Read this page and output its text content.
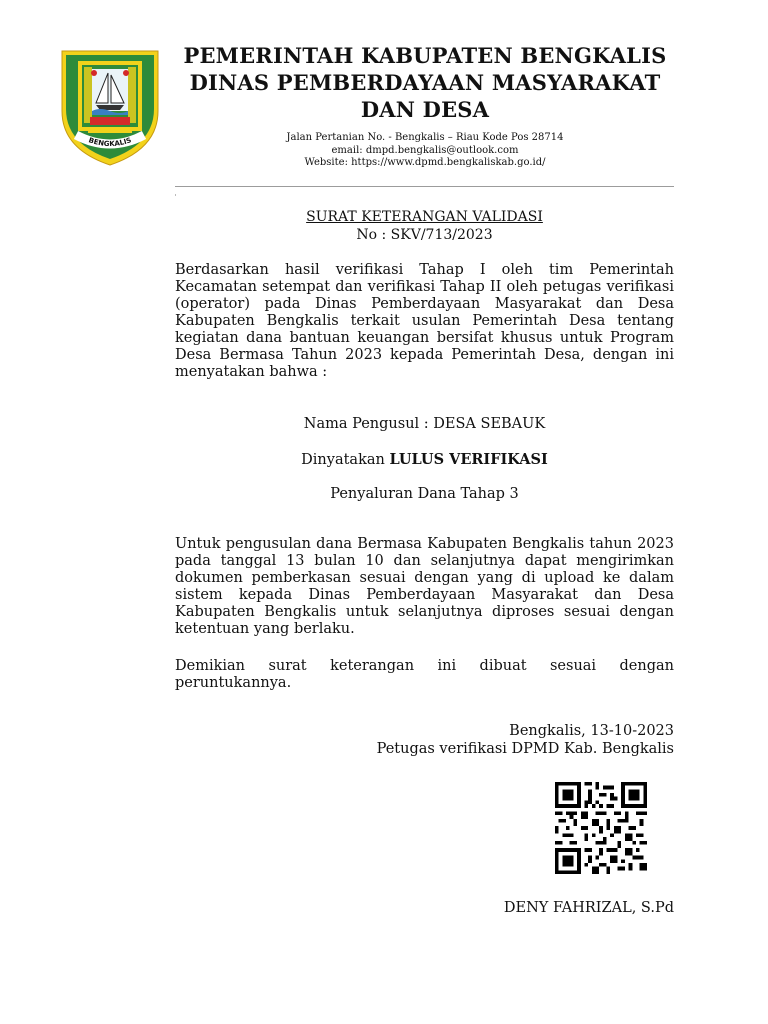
BENGKALIS
PEMERINTAH KABUPATEN BENGKALIS
DINAS PEMBERDAYAAN MASYARAKAT
DAN DESA
Jalan Pertanian No. - Bengkalis – Riau Kode Pos 28714
email: dmpd.bengkalis@outlook.com
Website: https://www.dpmd.bengkaliskab.go.id/
SURAT KETERANGAN VALIDASI
No : SKV/713/2023
Berdasarkan hasil verifikasi Tahap I oleh tim Pemerintah Kecamatan setempat dan verifikasi Tahap II oleh petugas verifikasi (operator) pada Dinas Pemberdayaan Masyarakat dan Desa Kabupaten Bengkalis terkait usulan Pemerintah Desa tentang kegiatan dana bantuan keuangan bersifat khusus untuk Program Desa Bermasa Tahun 2023 kepada Pemerintah Desa, dengan ini menyatakan bahwa :
Nama Pengusul : DESA SEBAUK
Dinyatakan LULUS VERIFIKASI
Penyaluran Dana Tahap 3
Untuk pengusulan dana Bermasa Kabupaten Bengkalis tahun 2023 pada tanggal 13 bulan 10 dan selanjutnya dapat mengirimkan dokumen pemberkasan sesuai dengan yang di upload ke dalam sistem kepada Dinas Pemberdayaan Masyarakat dan Desa Kabupaten Bengkalis untuk selanjutnya diproses sesuai dengan ketentuan yang berlaku.
Demikian surat keterangan ini dibuat sesuai dengan peruntukannya.
Bengkalis, 13-10-2023
Petugas verifikasi DPMD Kab. Bengkalis
DENY FAHRIZAL, S.Pd
